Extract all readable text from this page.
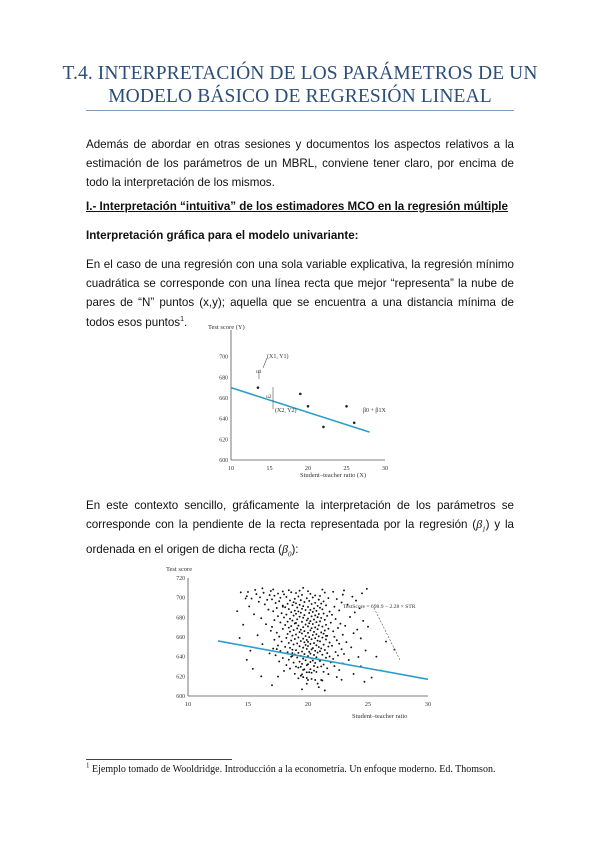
T.4. INTERPRETACIÓN DE LOS PARÁMETROS DE UN
MODELO BÁSICO DE REGRESIÓN LINEAL
Además de abordar en otras sesiones y documentos los aspectos relativos a la estimación de los parámetros de un MBRL, conviene tener claro, por encima de todo la interpretación de los mismos.
I.- Interpretación “intuitiva” de los estimadores MCO en la regresión múltiple
Interpretación gráfica para el modelo univariante:
En el caso de una regresión con una sola variable explicativa, la regresión mínimo cuadrática se corresponde con una línea recta que mejor “representa” la nube de pares de “N” puntos (x,y); aquella que se encuentra a una distancia mínima de todos esos puntos$^1$.	Test score (Y)
700
680
660
640
620
600
10	15	20	25	30
(X1, Y1)
u1
u2
(X2, Y2)	β0 + β1X
Student–teacher ratio (X)
En este contexto sencillo, gráficamente la interpretación de los parámetros se corresponde con la pendiente de la recta representada por la regresión $(\beta_1)$ y la ordenada en el origen de dicha recta $(\beta_0)$:
Test score
720
700
680
660
640
620
600
10	15	20	25	30
TestScore = 698.9 − 2.28 × STR
Student–teacher ratio
$^1$ Ejemplo tomado de Wooldridge. Introducción a la econometría. Un enfoque moderno. Ed. Thomson.
